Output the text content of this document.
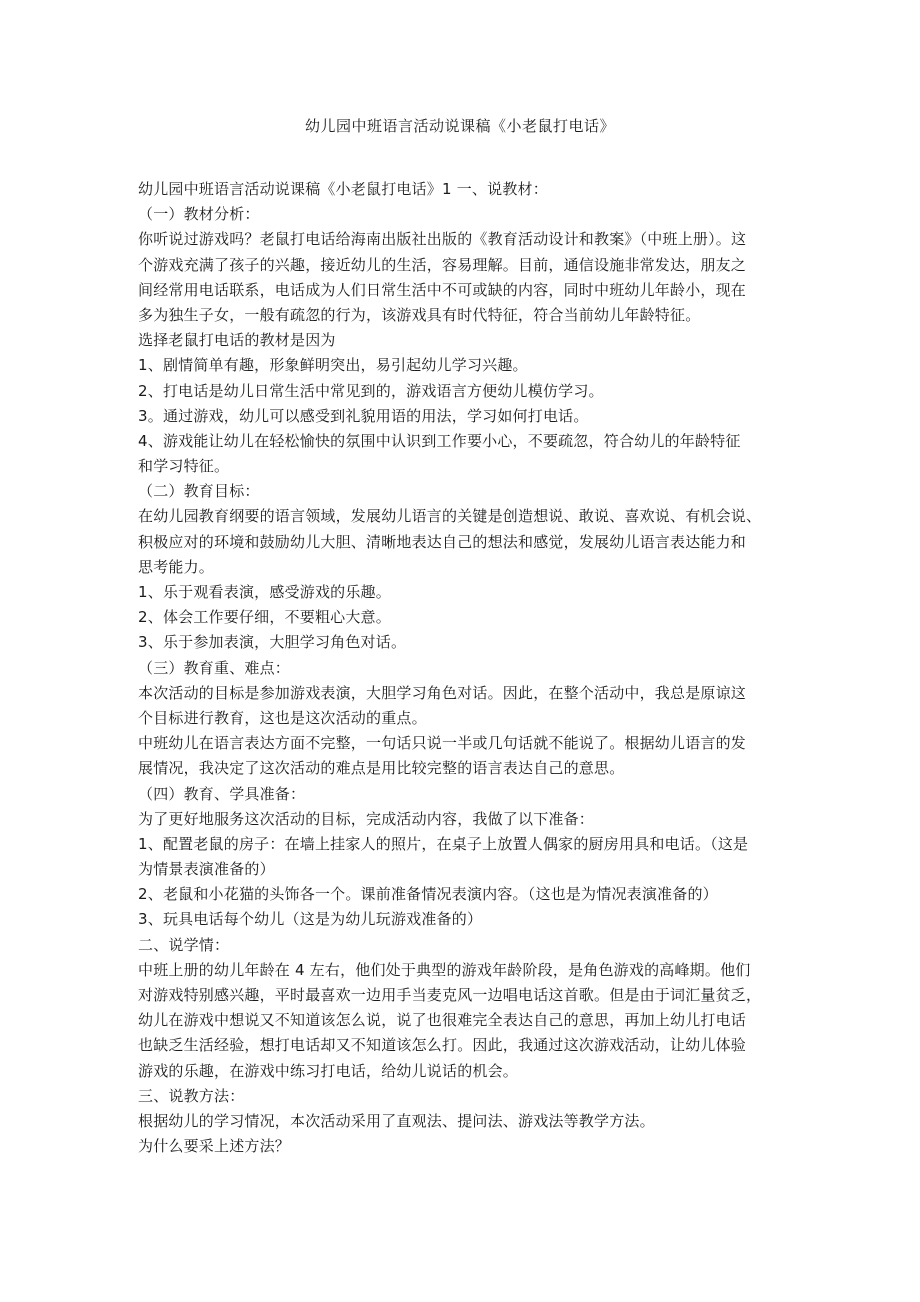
幼儿园中班语言活动说课稿《小老鼠打电话》
幼儿园中班语言活动说课稿《小老鼠打电话》1 一、说教材：
（一）教材分析：
你听说过游戏吗？老鼠打电话给海南出版社出版的《教育活动设计和教案》（中班上册）。这
个游戏充满了孩子的兴趣，接近幼儿的生活，容易理解。目前，通信设施非常发达，朋友之
间经常用电话联系，电话成为人们日常生活中不可或缺的内容，同时中班幼儿年龄小，现在
多为独生子女，一般有疏忽的行为，该游戏具有时代特征，符合当前幼儿年龄特征。
选择老鼠打电话的教材是因为
1、剧情简单有趣，形象鲜明突出，易引起幼儿学习兴趣。
2、打电话是幼儿日常生活中常见到的，游戏语言方便幼儿模仿学习。
3。通过游戏，幼儿可以感受到礼貌用语的用法，学习如何打电话。
4、游戏能让幼儿在轻松愉快的氛围中认识到工作要小心，不要疏忽，符合幼儿的年龄特征
和学习特征。
（二）教育目标：
在幼儿园教育纲要的语言领域，发展幼儿语言的关键是创造想说、敢说、喜欢说、有机会说、
积极应对的环境和鼓励幼儿大胆、清晰地表达自己的想法和感觉，发展幼儿语言表达能力和
思考能力。
1、乐于观看表演，感受游戏的乐趣。
2、体会工作要仔细，不要粗心大意。
3、乐于参加表演，大胆学习角色对话。
（三）教育重、难点：
本次活动的目标是参加游戏表演，大胆学习角色对话。因此，在整个活动中，我总是原谅这
个目标进行教育，这也是这次活动的重点。
中班幼儿在语言表达方面不完整，一句话只说一半或几句话就不能说了。根据幼儿语言的发
展情况，我决定了这次活动的难点是用比较完整的语言表达自己的意思。
（四）教育、学具准备：
为了更好地服务这次活动的目标，完成活动内容，我做了以下准备：
1、配置老鼠的房子：在墙上挂家人的照片，在桌子上放置人偶家的厨房用具和电话。（这是
为情景表演准备的）
2、老鼠和小花猫的头饰各一个。课前准备情况表演内容。（这也是为情况表演准备的）
3、玩具电话每个幼儿（这是为幼儿玩游戏准备的）
二、说学情：
中班上册的幼儿年龄在 4 左右，他们处于典型的游戏年龄阶段，是角色游戏的高峰期。他们
对游戏特别感兴趣，平时最喜欢一边用手当麦克风一边唱电话这首歌。但是由于词汇量贫乏，
幼儿在游戏中想说又不知道该怎么说，说了也很难完全表达自己的意思，再加上幼儿打电话
也缺乏生活经验，想打电话却又不知道该怎么打。因此，我通过这次游戏活动，让幼儿体验
游戏的乐趣，在游戏中练习打电话，给幼儿说话的机会。
三、说教方法：
根据幼儿的学习情况，本次活动采用了直观法、提问法、游戏法等教学方法。
为什么要采上述方法？
